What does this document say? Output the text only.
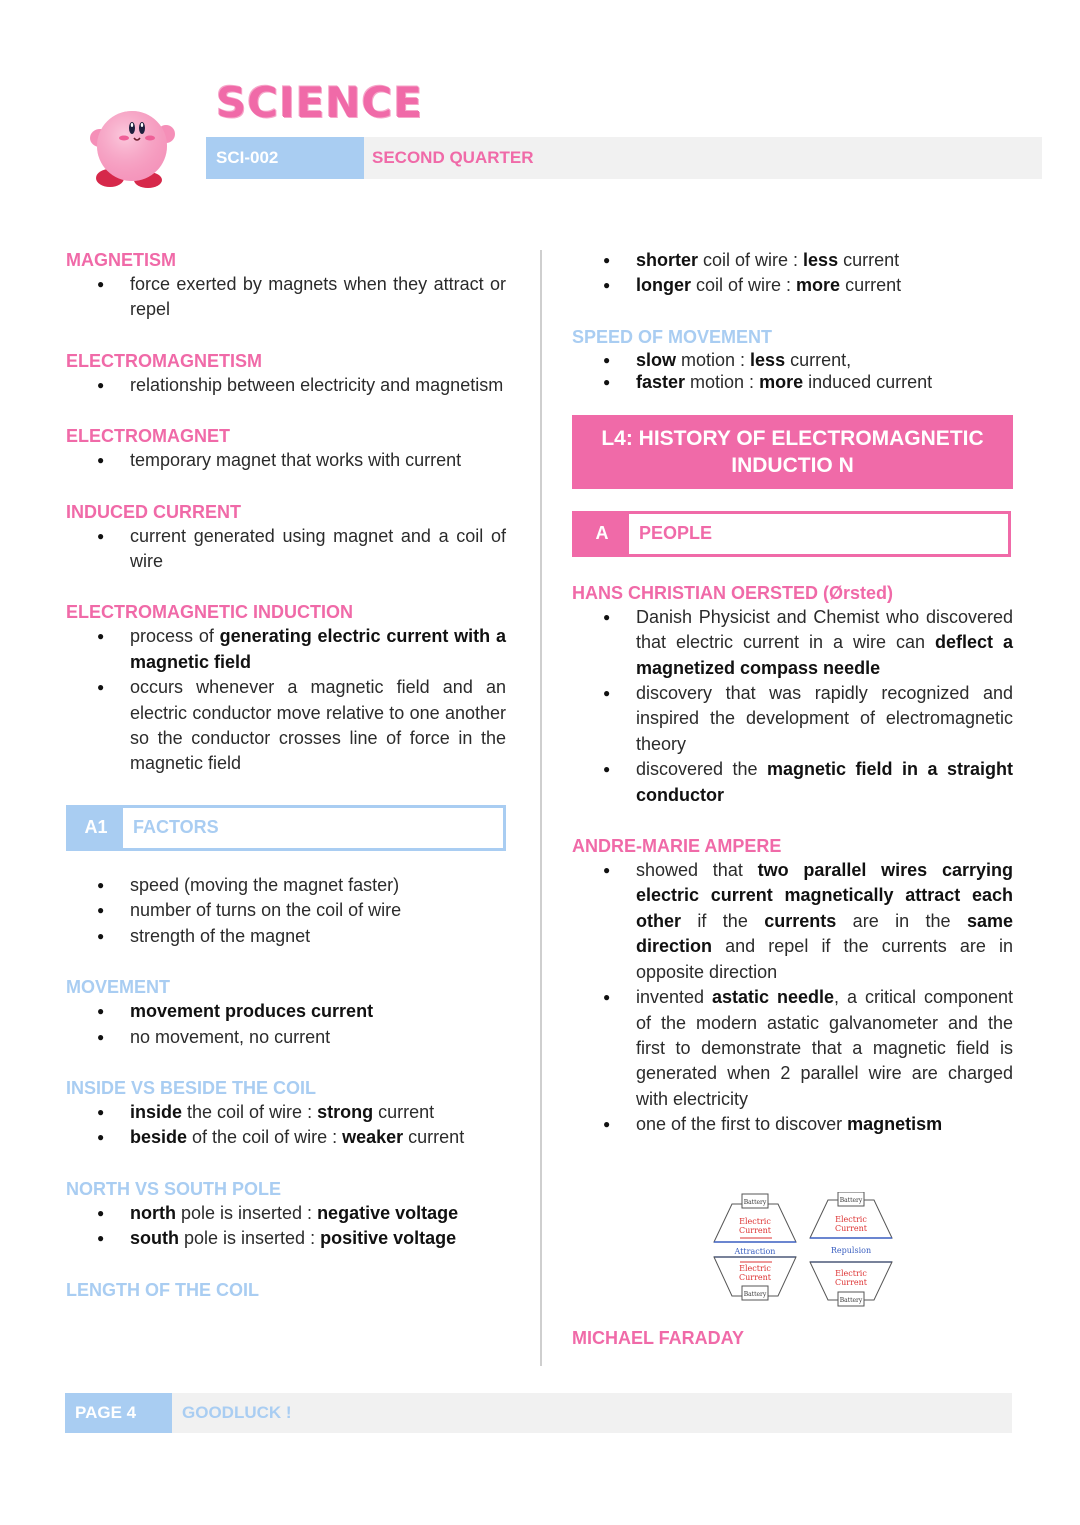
SCIENCE
SCI-002	SECOND QUARTER

MAGNETISM

● force exerted by magnets when they attract or repel

ELECTROMAGNETISM

● relationship between electricity and magnetism

ELECTROMAGNET

● temporary magnet that works with current

INDUCED CURRENT

● current generated using magnet and a coil of wire

ELECTROMAGNETIC INDUCTION

● process of generating electric current with a magnetic field
● occurs whenever a magnetic field and an electric conductor move relative to one another so the conductor crosses line of force in the magnetic field
A1	FACTORS
● speed (moving the magnet faster)
● number of turns on the coil of wire
● strength of the magnet

MOVEMENT

● movement produces current
● no movement, no current

INSIDE VS BESIDE THE COIL

● inside the coil of wire : strong current
● beside of the coil of wire : weaker current

NORTH VS SOUTH POLE

● north pole is inserted : negative voltage
● south pole is inserted : positive voltage

LENGTH OF THE COIL

● shorter coil of wire : less current
● longer coil of wire : more current

SPEED OF MOVEMENT

● slow motion : less current,
● faster motion : more induced current
L4: HISTORY OF ELECTROMAGNETIC INDUCTIO N
A	PEOPLE

HANS CHRISTIAN OERSTED (Ørsted)

● Danish Physicist and Chemist who discovered that electric current in a wire can deflect a magnetized compass needle
● discovery that was rapidly recognized and inspired the development of electromagnetic theory
● discovered the magnetic field in a straight conductor

ANDRE-MARIE AMPERE

● showed that two parallel wires carrying electric current magnetically attract each other if the currents are in the same direction and repel if the currents are in opposite direction
● invented astatic needle, a critical component of the modern astatic galvanometer and the first to demonstrate that a magnetic field is generated when 2 parallel wire are charged with electricity
● one of the first to discover magnetism
Battery
Electric
Current
Attraction
Electric
Current
Battery
Battery
Electric
Current
Repulsion
Electric
Current
Battery
MICHAEL FARADAY
PAGE 4	GOODLUCK !
